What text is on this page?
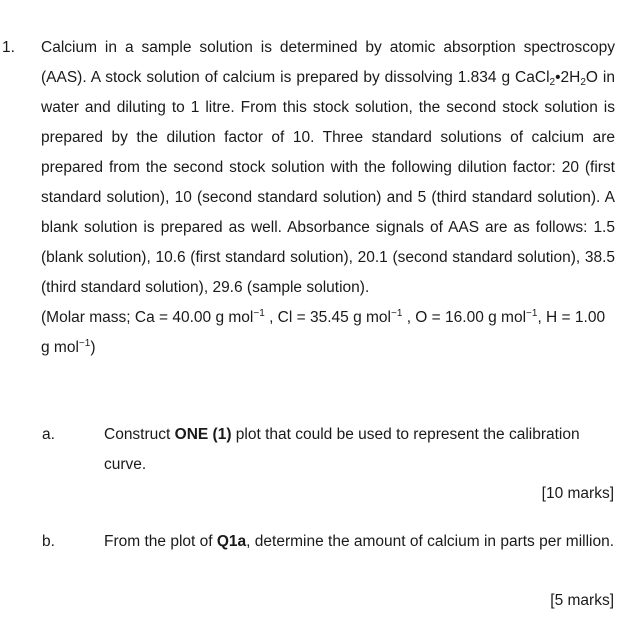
1. Calcium in a sample solution is determined by atomic absorption spectroscopy (AAS). A stock solution of calcium is prepared by dissolving 1.834 g $CaCl_2•2H_2O$ in water and diluting to 1 litre. From this stock solution, the second stock solution is prepared by the dilution factor of 10. Three standard solutions of calcium are prepared from the second stock solution with the following dilution factor: 20 (first standard solution), 10 (second standard solution) and 5 (third standard solution). A blank solution is prepared as well. Absorbance signals of AAS are as follows: 1.5 (blank solution), 10.6 (first standard solution), 20.1 (second standard solution), 38.5 (third standard solution), 29.6 (sample solution).

(Molar mass; Ca = 40.00 g mol$^{-1}$ , Cl = 35.45 g mol$^{-1}$ , O = 16.00 g mol$^{-1}$, H = 1.00 g mol$^{-1}$)

a.	Construct ONE (1) plot that could be used to represent the calibration curve.
[10 marks]
b.	From the plot of Q1a, determine the amount of calcium in parts per million.
[5 marks]
